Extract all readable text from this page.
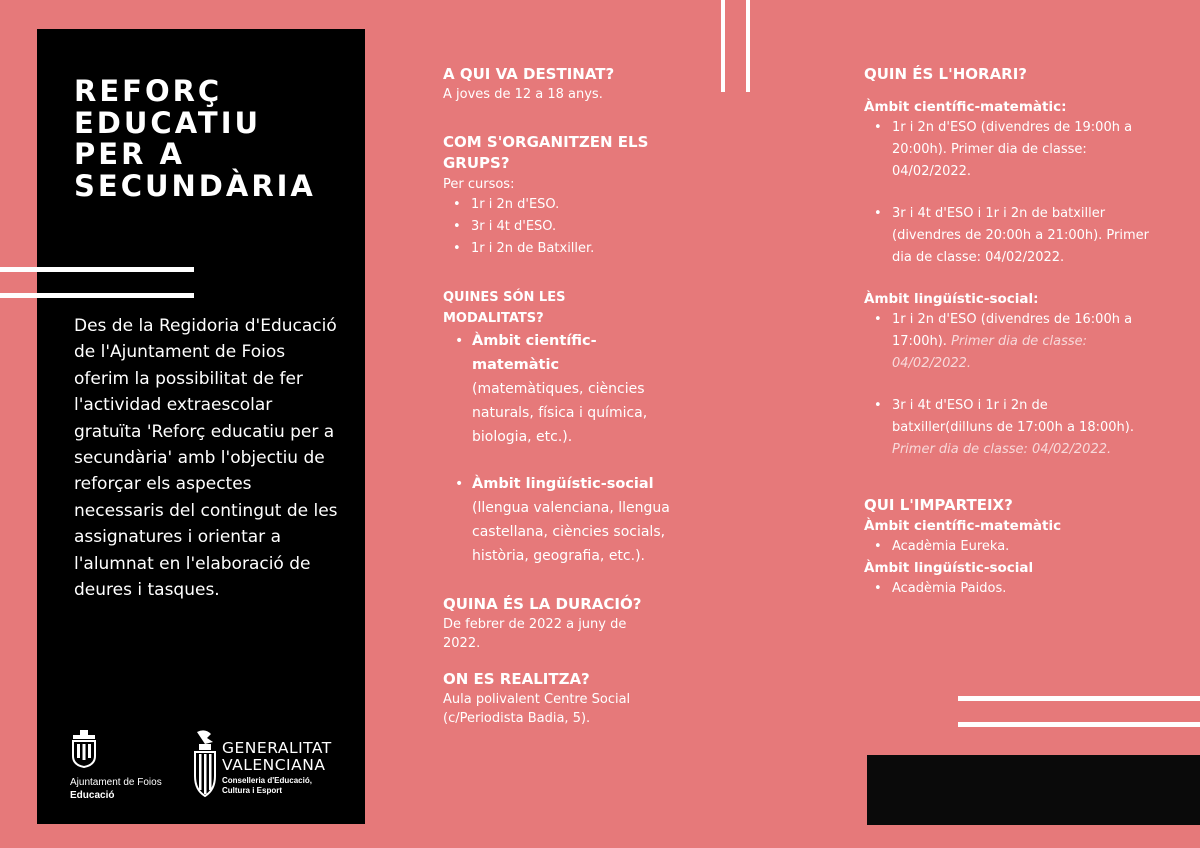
REFORÇ
EDUCATIU
PER A
SECUNDÀRIA
Des de la Regidoria d'Educació de l'Ajuntament de Foios oferim la possibilitat de fer l'actividad extraescolar gratuïta 'Reforç educatiu per a secundària' amb l'objectiu de reforçar els aspectes necessaris del contingut de les assignatures i orientar a l'alumnat en l'elaboració de deures i tasques.
Ajuntament de Foios
Educació
GENERALITAT
VALENCIANA
Conselleria d'Educació,
Cultura i Esport
A QUI VA DESTINAT?
A joves de 12 a 18 anys.
COM S'ORGANITZEN ELS GRUPS?
Per cursos:
• 1r i 2n d'ESO.
• 3r i 4t d'ESO.
• 1r i 2n de Batxiller.
QUINES SÓN LES MODALITATS?
• Àmbit científic-matemàtic
(matemàtiques, ciències naturals, física i química, biologia, etc.).
• Àmbit lingüístic-social
(llengua valenciana, llengua castellana, ciències socials, història, geografia, etc.).
QUINA ÉS LA DURACIÓ?
De febrer de 2022 a juny de 2022.
ON ES REALITZA?
Aula polivalent Centre Social (c/Periodista Badia, 5).
QUIN ÉS L'HORARI?
Àmbit científic-matemàtic:
• 1r i 2n d'ESO (divendres de 19:00h a 20:00h). Primer dia de classe: 04/02/2022.
• 3r i 4t d'ESO i 1r i 2n de batxiller (divendres de 20:00h a 21:00h). Primer dia de classe: 04/02/2022.
Àmbit lingüístic-social:
• 1r i 2n d'ESO (divendres de 16:00h a 17:00h). Primer dia de classe: 04/02/2022.
• 3r i 4t d'ESO i 1r i 2n de batxiller(dilluns de 17:00h a 18:00h). Primer dia de classe: 04/02/2022.
QUI L'IMPARTEIX?
Àmbit científic-matemàtic
• Acadèmia Eureka.
Àmbit lingüístic-social
• Acadèmia Paidos.
